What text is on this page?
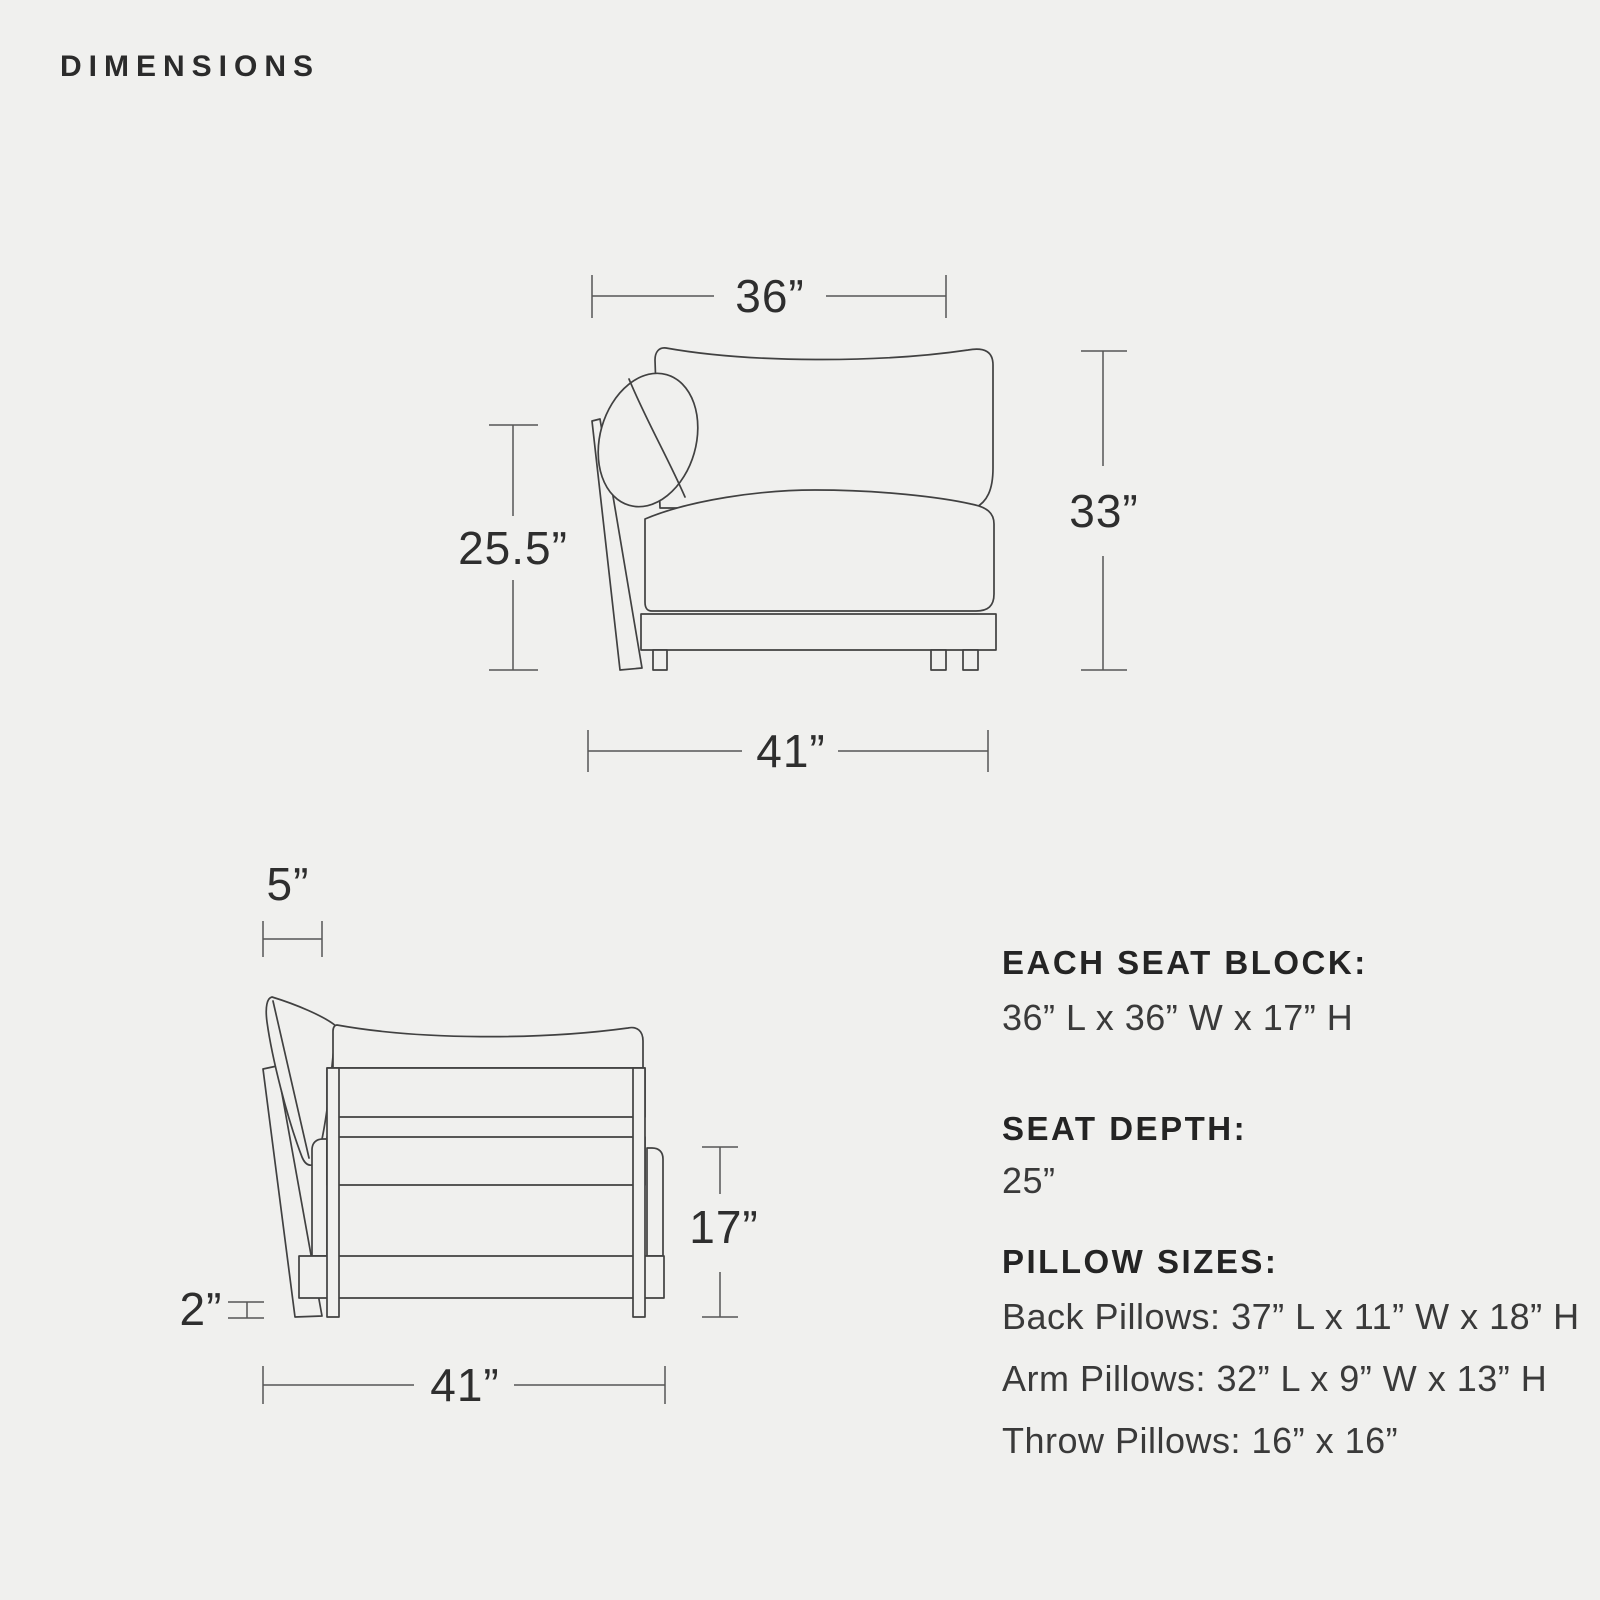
DIMENSIONS
36”
33”
25.5”
41”
5”
2”
17”
41”
EACH SEAT BLOCK:
36” L x 36” W x 17” H
SEAT DEPTH:
25”
PILLOW SIZES:
Back Pillows: 37” L x 11” W x 18” H
Arm Pillows: 32” L x 9” W x 13” H
Throw Pillows: 16” x 16”
